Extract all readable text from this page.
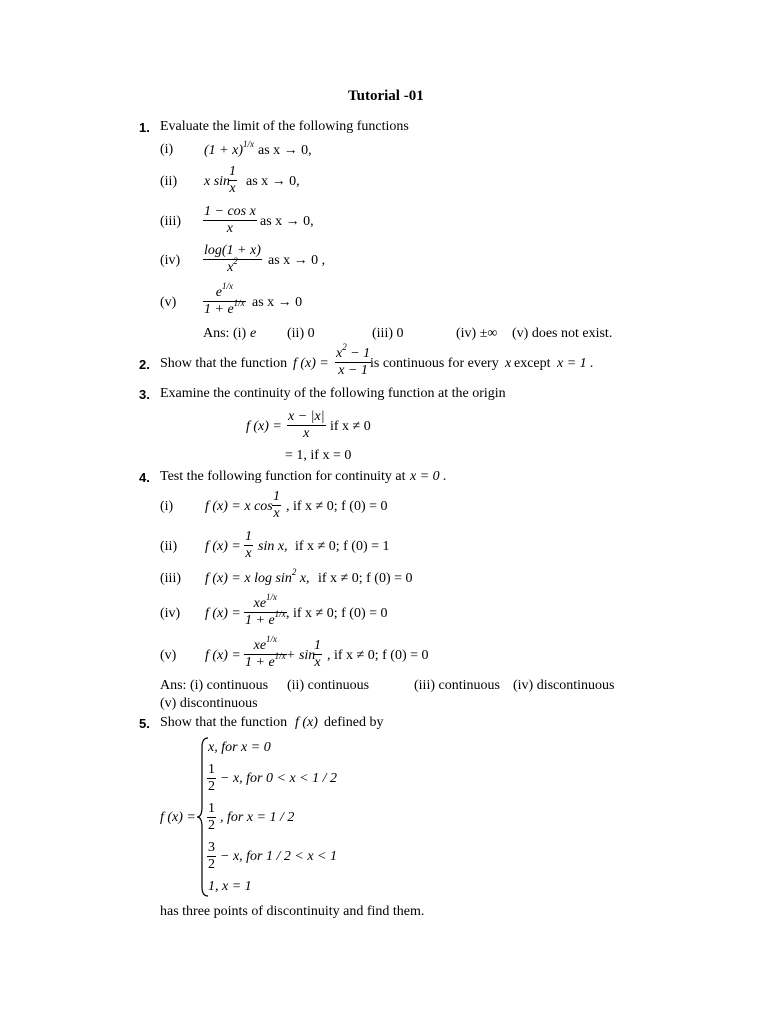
Tutorial -01
1. Evaluate the limit of the following functions
(i) $(1 + x)^{1/x}$ as x → 0,
(ii) x sin
$\frac{1}{x}$ as x → 0,
$(iii) \frac{\text{1 − cos x}}{x}$ as x → 0,
$(iv) \frac{\log(1 + x)}{x^2}$ as x → 0 ,
$(v) \frac{e^{1/x}}{1 + e^{1/x}}$ as x → 0
Ans: (i) e (ii) 0	(iii) 0	(iv) ±∞ (v) does not exist.
2. Show that the function f $(x) = \frac{x^2 - 1}{x - 1}$
is continuous for every x except x = 1 .
3. Examine the continuity of the following function at the origin
f $(x) = \frac{x - |x|}{x}$ if x ≠ 0
= 1, if x = 0
4. Test the following function for continuity at x = 0 .
(i) f (x) = x $\cos \frac{1}{x}$ , if x ≠ 0; f (0) = 0
(ii) f $(x) = \frac{1}{x}$ sin x, if x ≠ 0; f (0) = 1
(iii) f (x) = x $\log \sin^2 x$, if x ≠ 0; f (0) = 0
(iv) f $(x) = \frac{xe^{1/x}}{1 + e^{1/x}}$ , if x ≠ 0; f (0) = 0
(v) f $(x) = \frac{xe^{1/x}}{1 + e^{1/x}} + \sin$
$\frac{1}{x}$ , if x ≠ 0; f (0) = 0
Ans: (i) continuous (ii) continuous	(iii) continuous (iv) discontinuous
(v) discontinuous
5. Show that the function f (x) defined by
f (x) =
x, for x = 0
$\frac{1}{2} - x$, for 0 < x < 1 / 2
$\frac{1}{2}$ , for x = 1 / 2
$\frac{3}{2} - x$, for 1 / 2 < x < 1
1, x = 1
has three points of discontinuity and find them.
